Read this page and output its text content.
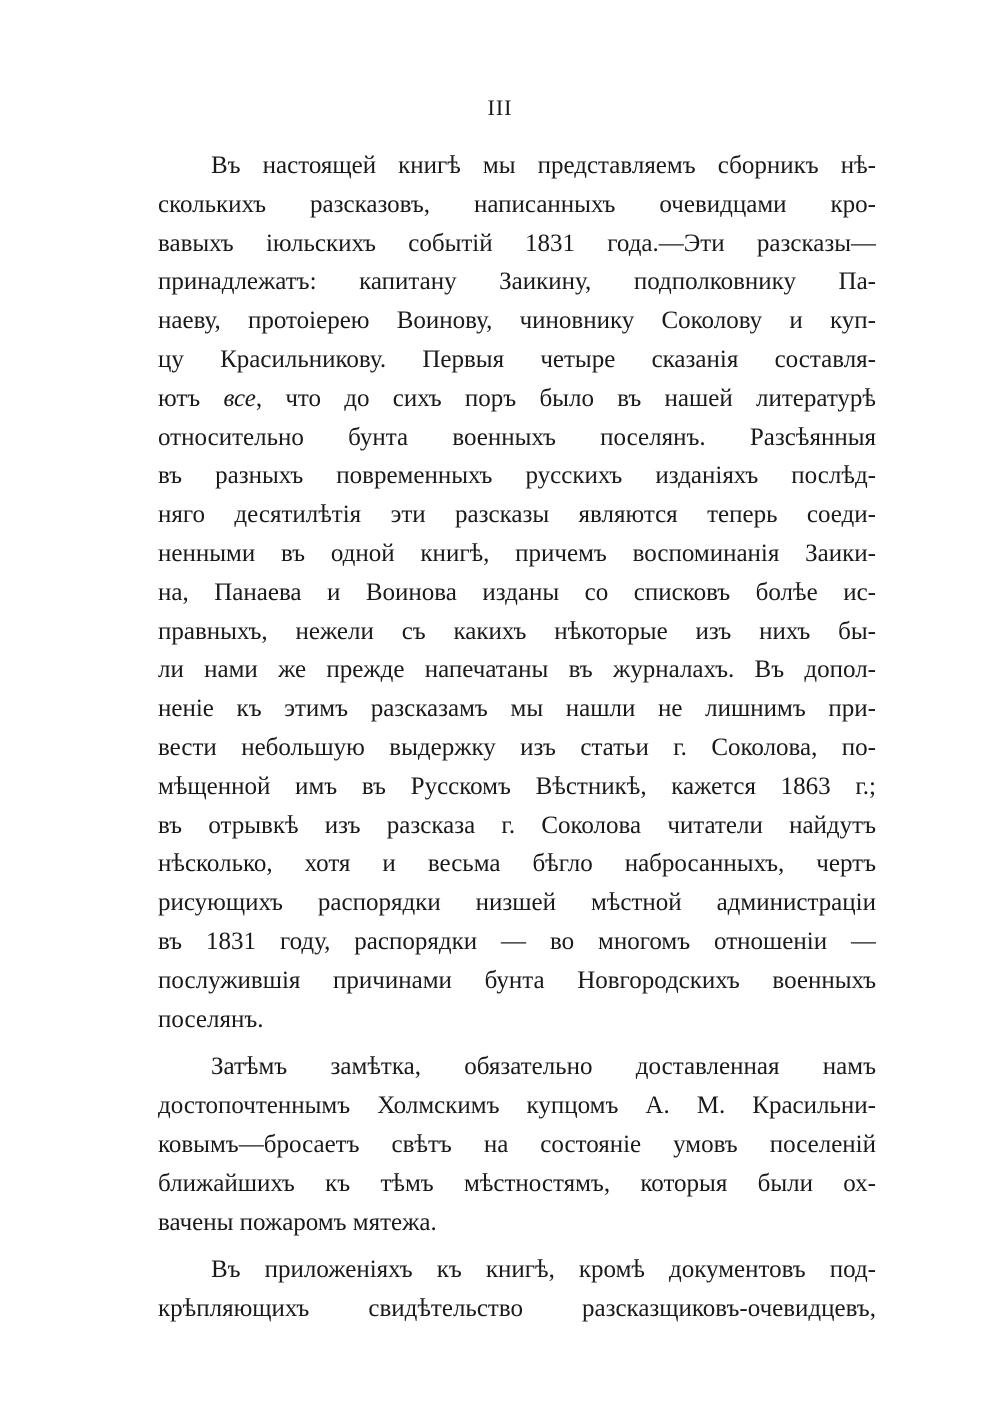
III
Въ настоящей книгѣ мы представляемъ сборникъ нѣ-
сколькихъ разсказовъ, написанныхъ очевидцами кро-
вавыхъ іюльскихъ событій 1831 года.—Эти разсказы—
принадлежатъ: капитану Заикину, подполковнику Па-
наеву, протоіерею Воинову, чиновнику Соколову и куп-
цу Красильникову. Первыя четыре сказанія составля-
ютъ все, что до сихъ поръ было въ нашей литературѣ
относительно бунта военныхъ поселянъ. Разсѣянныя
въ разныхъ повременныхъ русскихъ изданіяхъ послѣд-
няго десятилѣтія эти разсказы являются теперь соеди-
ненными въ одной книгѣ, причемъ воспоминанія Заики-
на, Панаева и Воинова изданы со списковъ болѣе ис-
правныхъ, нежели съ какихъ нѣкоторые изъ нихъ бы-
ли нами же прежде напечатаны въ журналахъ. Въ допол-
неніе къ этимъ разсказамъ мы нашли не лишнимъ при-
вести небольшую выдержку изъ статьи г. Соколова, по-
мѣщенной имъ въ Русскомъ Вѣстникѣ, кажется 1863 г.;
въ отрывкѣ изъ разсказа г. Соколова читатели найдутъ
нѣсколько, хотя и весьма бѣгло набросанныхъ, чертъ
рисующихъ распорядки низшей мѣстной администраціи
въ 1831 году, распорядки — во многомъ отношеніи —
послужившія причинами бунта Новгородскихъ военныхъ
поселянъ.
Затѣмъ замѣтка, обязательно доставленная намъ
достопочтеннымъ Холмскимъ купцомъ А. М. Красильни-
ковымъ—бросаетъ свѣтъ на состояніе умовъ поселеній
ближайшихъ къ тѣмъ мѣстностямъ, которыя были ох-
вачены пожаромъ мятежа.
Въ приложеніяхъ къ книгѣ, кромѣ документовъ под-
крѣпляющихъ свидѣтельство разсказщиковъ-очевидцевъ,
